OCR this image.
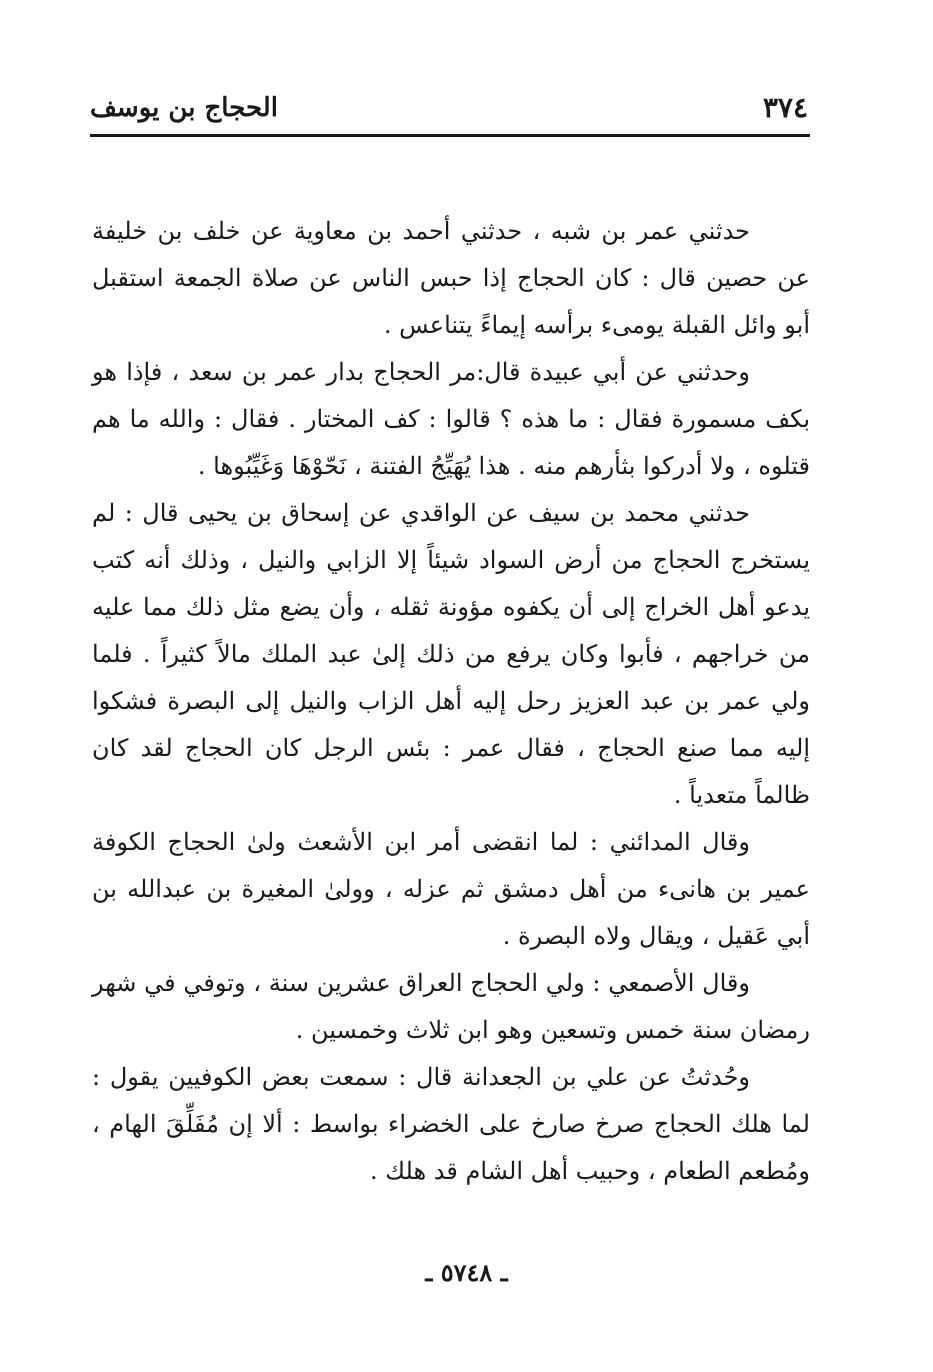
٣٧٤
الحجاج بن يوسف

حدثني عمر بن شبه ، حدثني أحمد بن معاوية عن خلف بن خليفة عن حصين قال : كان الحجاج إذا حبس الناس عن صلاة الجمعة استقبل أبو وائل القبلة يومىء برأسه إيماءً يتناعس .

وحدثني عن أبي عبيدة قال:مر الحجاج بدار عمر بن سعد ، فإذا هو بكف مسمورة فقال : ما هذه ؟ قالوا : كف المختار . فقال : والله ما هم قتلوه ، ولا أدركوا بثأرهم منه . هذا يُهَيِّجُ الفتنة ، نَحّوْهَا وَغَيِّبُوها .

حدثني محمد بن سيف عن الواقدي عن إسحاق بن يحيى قال : لم يستخرج الحجاج من أرض السواد شيئاً إلا الزابي والنيل ، وذلك أنه كتب يدعو أهل الخراج إلى أن يكفوه مؤونة ثقله ، وأن يضع مثل ذلك مما عليه من خراجهم ، فأبوا وكان يرفع من ذلك إلىٰ عبد الملك مالاً كثيراً . فلما ولي عمر بن عبد العزيز رحل إليه أهل الزاب والنيل إلى البصرة فشكوا إليه مما صنع الحجاج ، فقال عمر : بئس الرجل كان الحجاج لقد كان ظالماً متعدياً .

وقال المدائني : لما انقضى أمر ابن الأشعث ولىٰ الحجاج الكوفة عمير بن هانىء من أهل دمشق ثم عزله ، وولىٰ المغيرة بن عبدالله بن أبي عَقيل ، ويقال ولاه البصرة .

وقال الأصمعي : ولي الحجاج العراق عشرين سنة ، وتوفي في شهر رمضان سنة خمس وتسعين وهو ابن ثلاث وخمسين .

وحُدثتُ عن علي بن الجعدانة قال : سمعت بعض الكوفيين يقول : لما هلك الحجاج صرخ صارخ على الخضراء بواسط : ألا إن مُفَلِّقَ الهام ، ومُطعم الطعام ، وحبيب أهل الشام قد هلك .

ـ ٥٧٤٨ ـ
